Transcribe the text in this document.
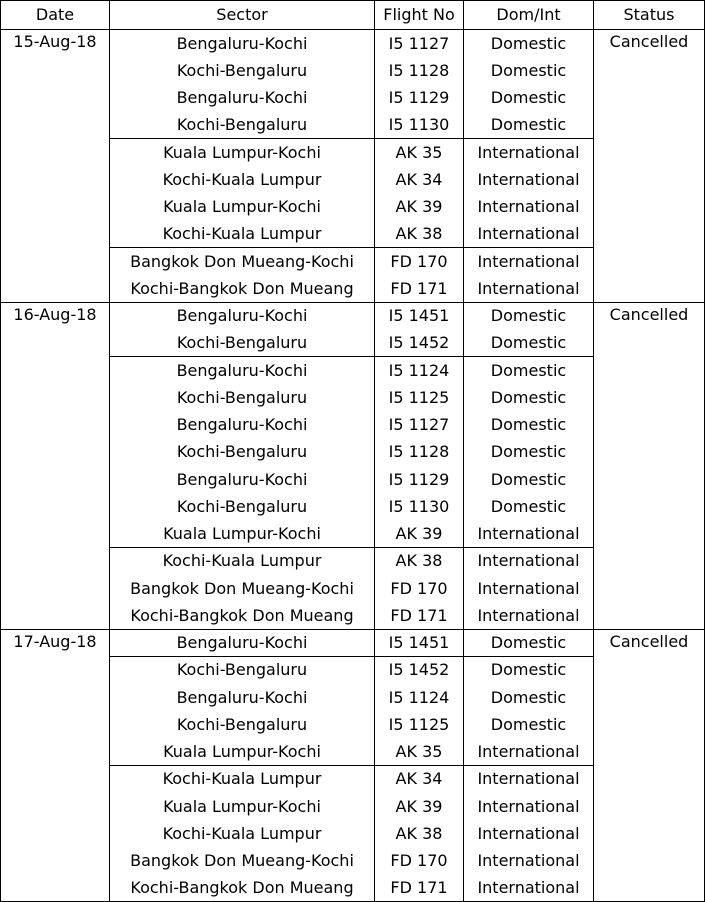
Date	Sector	Flight No	Dom/Int	Status
15-Aug-18	Cancelled
Bengaluru-Kochi	I5 1127	Domestic
Kochi-Bengaluru	I5 1128	Domestic
Bengaluru-Kochi	I5 1129	Domestic
Kochi-Bengaluru	I5 1130	Domestic
Kuala Lumpur-Kochi	AK 35	International
Kochi-Kuala Lumpur	AK 34	International
Kuala Lumpur-Kochi	AK 39	International
Kochi-Kuala Lumpur	AK 38	International
Bangkok Don Mueang-Kochi	FD 170	International
Kochi-Bangkok Don Mueang	FD 171	International
16-Aug-18	Cancelled
Bengaluru-Kochi	I5 1451	Domestic
Kochi-Bengaluru	I5 1452	Domestic
Bengaluru-Kochi	I5 1124	Domestic
Kochi-Bengaluru	I5 1125	Domestic
Bengaluru-Kochi	I5 1127	Domestic
Kochi-Bengaluru	I5 1128	Domestic
Bengaluru-Kochi	I5 1129	Domestic
Kochi-Bengaluru	I5 1130	Domestic
Kuala Lumpur-Kochi	AK 39	International
Kochi-Kuala Lumpur	AK 38	International
Bangkok Don Mueang-Kochi	FD 170	International
Kochi-Bangkok Don Mueang	FD 171	International
17-Aug-18	Cancelled
Bengaluru-Kochi	I5 1451	Domestic
Kochi-Bengaluru	I5 1452	Domestic
Bengaluru-Kochi	I5 1124	Domestic
Kochi-Bengaluru	I5 1125	Domestic
Kuala Lumpur-Kochi	AK 35	International
Kochi-Kuala Lumpur	AK 34	International
Kuala Lumpur-Kochi	AK 39	International
Kochi-Kuala Lumpur	AK 38	International
Bangkok Don Mueang-Kochi	FD 170	International
Kochi-Bangkok Don Mueang	FD 171	International
